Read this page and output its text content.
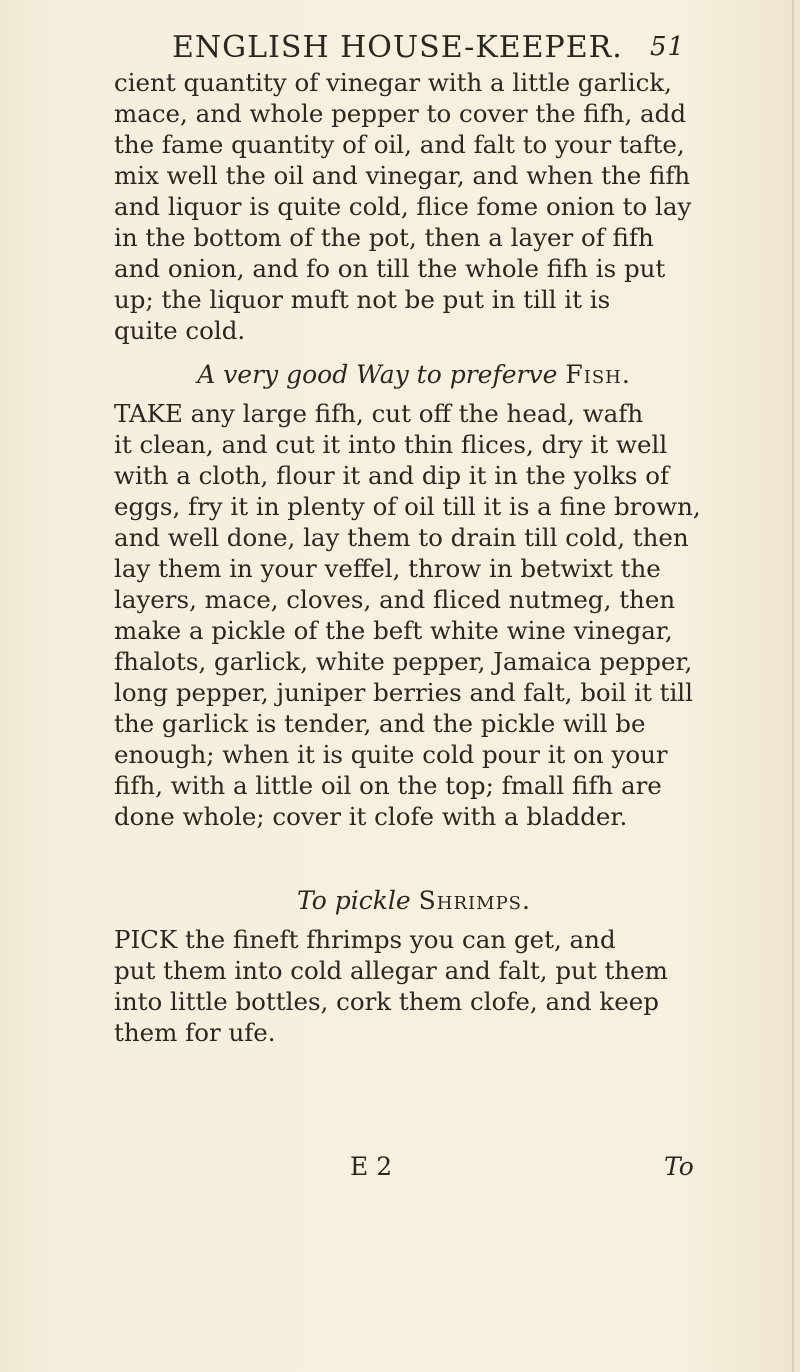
ENGLISH HOUSE-KEEPER. 51
cient quantity of vinegar with a little garlick,
mace, and whole pepper to cover the fifh, add
the fame quantity of oil, and falt to your tafte,
mix well the oil and vinegar, and when the fifh
and liquor is quite cold, flice fome onion to lay
in the bottom of the pot, then a layer of fifh
and onion, and fo on till the whole fifh is put
up; the liquor muft not be put in till it is
quite cold.
A very good Way to preferve Fish.
TAKE any large fifh, cut off the head, wafh
it clean, and cut it into thin flices, dry it well
with a cloth, flour it and dip it in the yolks of
eggs, fry it in plenty of oil till it is a fine brown,
and well done, lay them to drain till cold, then
lay them in your veffel, throw in betwixt the
layers, mace, cloves, and fliced nutmeg, then
make a pickle of the beft white wine vinegar,
fhalots, garlick, white pepper, Jamaica pepper,
long pepper, juniper berries and falt, boil it till
the garlick is tender, and the pickle will be
enough; when it is quite cold pour it on your
fifh, with a little oil on the top; fmall fifh are
done whole; cover it clofe with a bladder.
To pickle Shrimps.
PICK the fineft fhrimps you can get, and
put them into cold allegar and falt, put them
into little bottles, cork them clofe, and keep
them for ufe.
E 2	To
